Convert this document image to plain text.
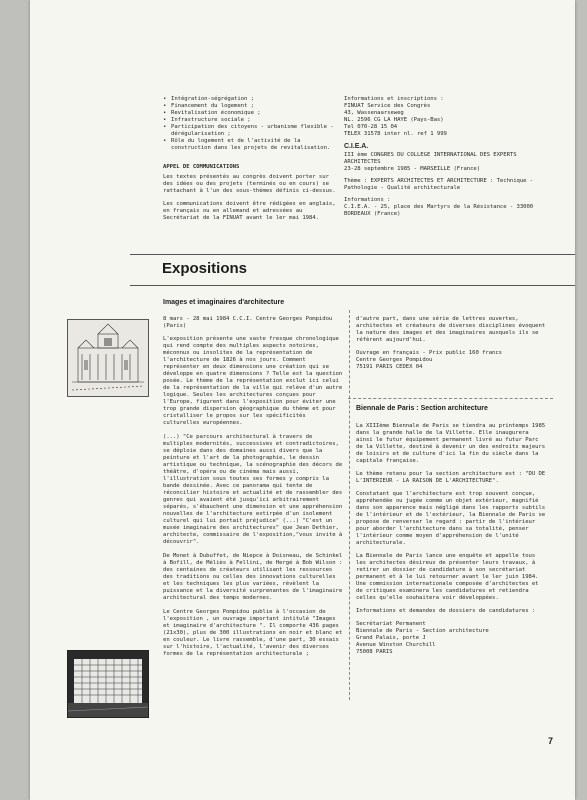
• Intégration-ségrégation ;
• Financement du logement ;
• Revitalisation économique ;
• Infrastructure sociale ;
• Participation des citoyens - urbanisme flexible - dérégularisation ;
• Rôle du logement et de l'activité de la construction dans les projets de revitalisation.

APPEL DE COMMUNICATIONS

Les textes présentés au congrès doivent porter sur des idées ou des projets (terminés ou en cours) se rattachant à l'un des sous-thèmes définis ci-dessus.

Les communications doivent être rédigées en anglais, en français ou en allemand et adressées au Secrétariat de la FINUAT avant le ler mai 1984.

Informations et inscriptions :
FINUAT Service des Congrès
43, Wassenaarseweg
NL. 2596 CG LA HAYE (Pays-Bas)
Tel 070-28 15 04
TELEX 31578 inter nl. ref 1 999

C.I.E.A.

III ème CONGRES DU COLLEGE INTERNATIONAL DES EXPERTS ARCHITECTES
23-28 septembre 1985 - MARSEILLE (France)

Thème : EXPERTS ARCHITECTES ET ARCHITECTURE : Technique - Pathologie - Qualité architecturale

Informations :
C.I.E.A. - 25, place des Martyrs de la Résistance - 33000 BORDEAUX (France)

Expositions
Images et imaginaires d'architecture

8 mars - 28 mai 1984 C.C.I. Centre Georges Pompidou (Paris)

L'exposition présente une vaste fresque chronologique qui rend compte des multiples aspects notoires, méconnus ou insolites de la représentation de l'architecture de 1826 à nos jours. Comment représenter en deux dimensions une création qui se développe en quatre dimensions ? Telle est la question posée. Le thème de la représentation exclut ici celui de la représentation de la ville qui relève d'un autre logique. Seules les architectures conçues pour l'Europe, figurent dans l'exposition pour éviter une trop grande dispersion géographique du thème et pour cristalliser le propos sur les spécificités culturelles européennes.

(...) "Ce parcours architectural à travers de multiples modernités, successives et contradictoires, se déploie dans des domaines aussi divers que la peinture et l'art de la photographie, le dessin artistique ou technique, la scénographie des décors de théâtre, d'opéra ou de cinéma mais aussi, l'illustration sous toutes ses formes y compris la bande dessinée. Avec ce panorama qui tente de réconcilier histoire et actualité et de rassembler des genres qui avaient été jusqu'ici arbitrairement séparés, s'ébauchent une dimension et une appréhension nouvelles de l'architecture extirpée d'un isolement culturel qui lui portait préjudice" (...) "C'est un musée imaginaire des architectures" que Jean Dethier, architecte, commissaire de l'exposition,"vous invite à découvrir".

De Monet à Dubuffet, de Niepce à Doisneau, de Schinkel à Bofill, de Méliès à Fellini, de Hergé à Bob Wilson : des centaines de créateurs utilisant les ressources des traditions ou celles des innovations culturelles et les techniques les plus variées, révèlent la puissance et la diversité surprenantes de l'imaginaire architectural des temps modernes.

Le Centre Georges Pompidou publie à l'occasion de l'exposition , un ouvrage important intitulé "Images et imaginaire d'architecture ". Il comporte 436 pages (21x30), plus de 300 illustrations en noir et blanc et en couleur. Le livre rassemble, d'une part, 30 essais sur l'histoire, l'actualité, l'avenir des diverses formes de la représentation architecturale ;

d'autre part, dans une série de lettres ouvertes, architectes et créateurs de diverses disciplines évoquent la nature des images et des imaginaires auxquels ils se réfèrent aujourd'hui.

Ouvrage en français - Prix public 160 francs
Centre Georges Pompidou
75191 PARIS CEDEX 04

Biennale de Paris : Section architecture

La XIIIème Biennale de Paris se tiendra au printemps 1985 dans la grande halle de la Villette. Elle inaugurera ainsi le futur équipement permanent livré au futur Parc de la Villette, destiné à devenir un des endroits majeurs de loisirs et de culture d'ici la fin du siècle dans la capitale française.

Le thème retenu pour la section architecture est : "DU DE L'INTERIEUR - LA RAISON DE L'ARCHITECTURE".

Constatant que l'architecture est trop souvent conçue, appréhendée ou jugée comme un objet extérieur, magnifié dans son apparence mais négligé dans les rapports subtils de l'intérieur et de l'extérieur, la Biennale de Paris se propose de renverser le regard : partir de l'intérieur pour aborder l'architecture dans sa totalité, penser l'intérieur comme moyen d'appréhension de l'unité architecturale.

La Biennale de Paris lance une enquête et appelle tous les architectes désireux de présenter leurs travaux, à retirer un dossier de candidature à son secrétariat permanent et à le lui retourner avant le ler juin 1984. Une commission internationale composée d'architectes et de critiques examinera les candidatures et retiendra celles qu'elle souhaitera voir développées.

Informations et demandes de dossiers de candidatures :

Secrétariat Permanent
Biennale de Paris - Section architecture
Grand Palais, porte J
Avenue Winston Churchill
75008 PARIS

7
